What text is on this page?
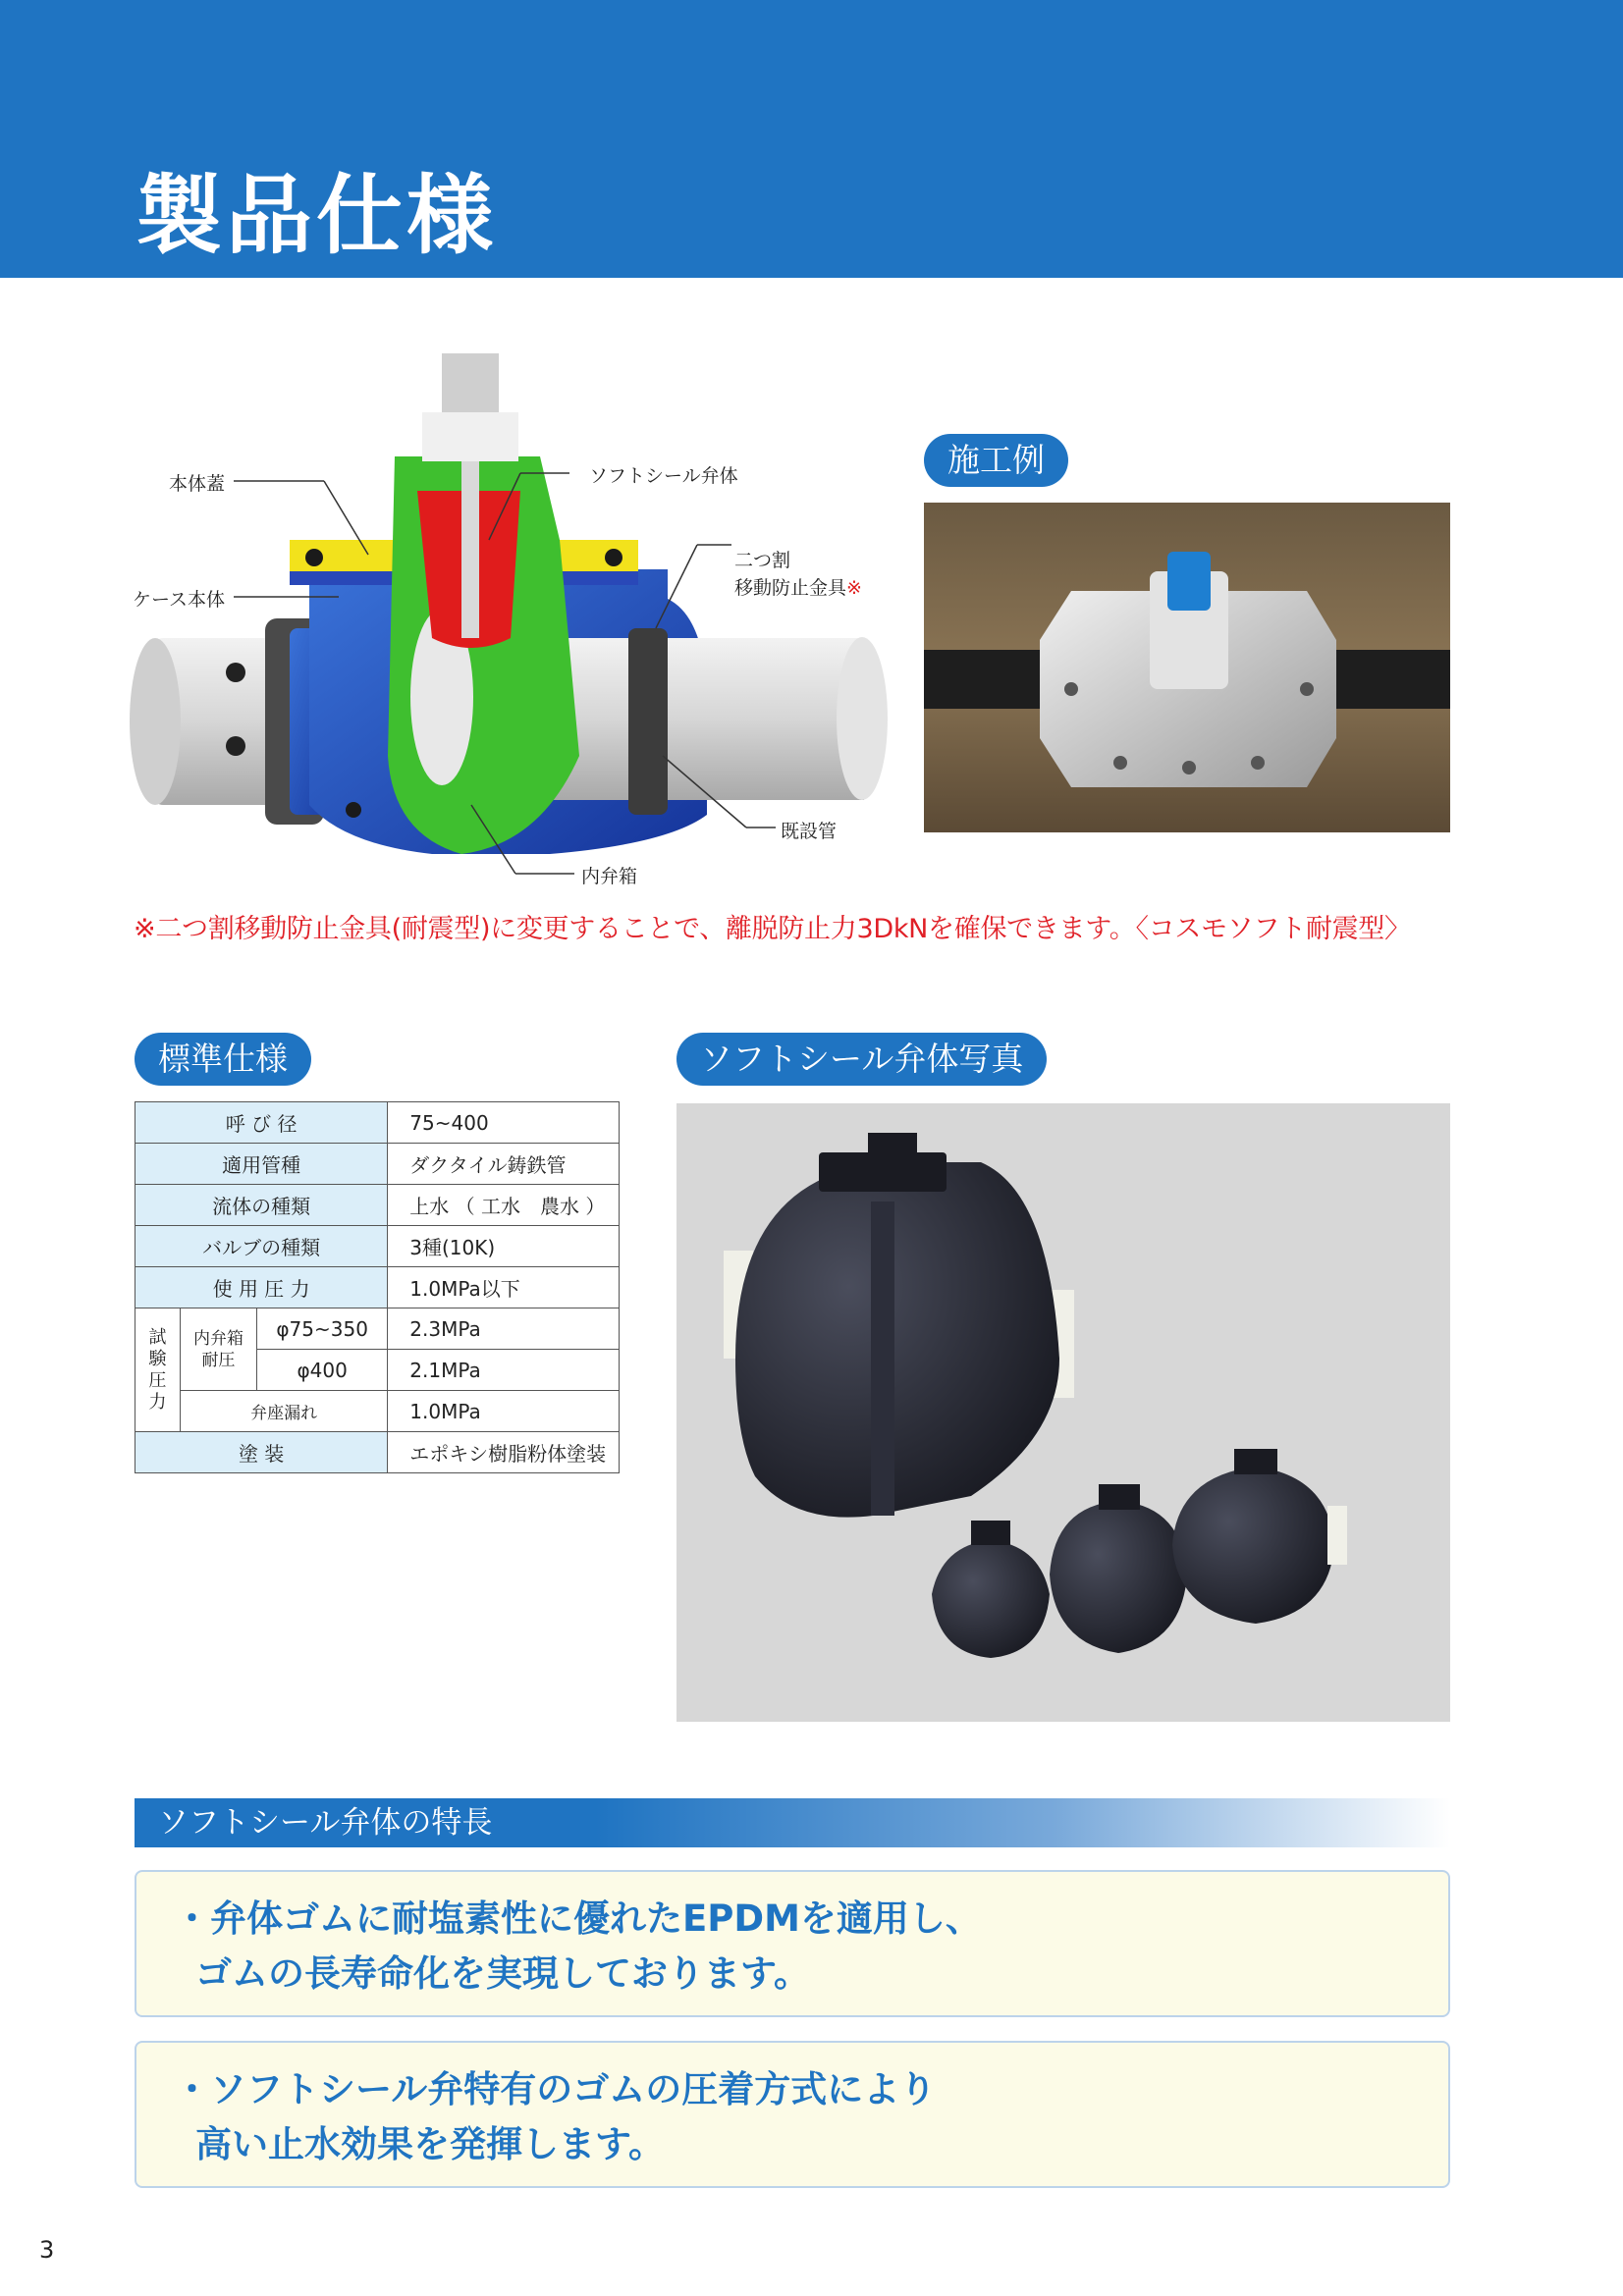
製品仕様
本体蓋
ケース本体
ソフトシール弁体
二つ割
移動防止金具※
既設管
内弁箱
施工例
※二つ割移動防止金具(耐震型)に変更することで、離脱防止力3DkNを確保できます。〈コスモソフト耐震型〉
標準仕様
呼 び 径			75~400
適用管種			ダクタイル鋳鉄管
流体の種類			上水 （ 工水　農水 ）
バルブの種類			3種(10K)
使 用 圧 力			1.0MPa以下

試験圧力	内弁箱耐圧	φ75~350	2.3MPa
		φ400	2.1MPa
	弁座漏れ		1.0MPa
塗 装			エポキシ樹脂粉体塗装
ソフトシール弁体写真
ソフトシール弁体の特長
・弁体ゴムに耐塩素性に優れたEPDMを適用し、
ゴムの長寿命化を実現しております。
・ソフトシール弁特有のゴムの圧着方式により
高い止水効果を発揮します。
3
